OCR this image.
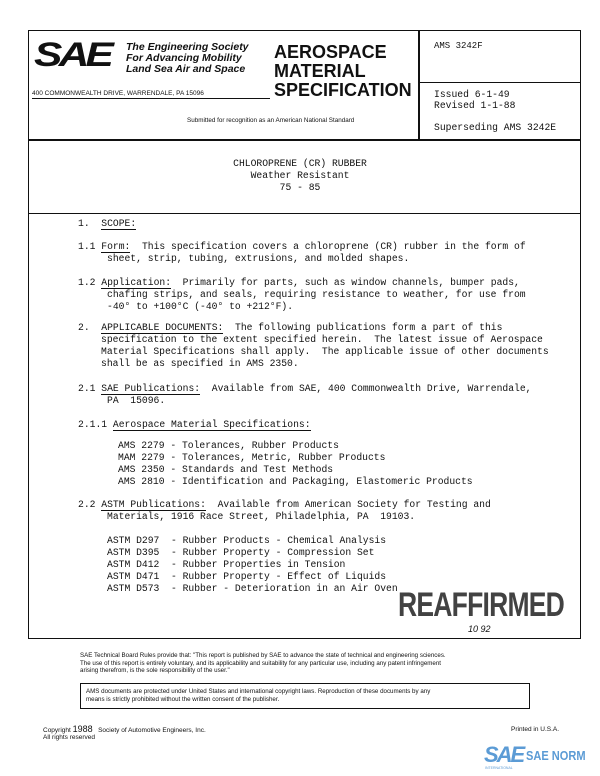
SAE The Engineering Society
For Advancing Mobility
Land Sea Air and Space
400 COMMONWEALTH DRIVE, WARRENDALE, PA 15096
AEROSPACE
MATERIAL
SPECIFICATION
Submitted for recognition as an American National Standard
AMS 3242F
Issued 6-1-49
Revised 1-1-88
Superseding AMS 3242E
CHLOROPRENE (CR) RUBBER
Weather Resistant
75 - 85
1. SCOPE:
1.1 Form:  This specification covers a chloroprene (CR) rubber in the form of
sheet, strip, tubing, extrusions, and molded shapes.
1.2 Application:  Primarily for parts, such as window channels, bumper pads,
chafing strips, and seals, requiring resistance to weather, for use from
-40° to +100°C (-40° to +212°F).
2. APPLICABLE DOCUMENTS:  The following publications form a part of this
specification to the extent specified herein.  The latest issue of Aerospace
Material Specifications shall apply.  The applicable issue of other documents
shall be as specified in AMS 2350.
2.1 SAE Publications:  Available from SAE, 400 Commonwealth Drive, Warrendale,
PA  15096.
2.1.1 Aerospace Material Specifications:
AMS 2279 - Tolerances, Rubber Products
MAM 2279 - Tolerances, Metric, Rubber Products
AMS 2350 - Standards and Test Methods
AMS 2810 - Identification and Packaging, Elastomeric Products
2.2 ASTM Publications:  Available from American Society for Testing and
Materials, 1916 Race Street, Philadelphia, PA  19103.
ASTM D297  - Rubber Products - Chemical Analysis
ASTM D395  - Rubber Property - Compression Set
ASTM D412  - Rubber Properties in Tension
ASTM D471  - Rubber Property - Effect of Liquids
ASTM D573  - Rubber - Deterioration in an Air Oven REAFFIRMED
10 92
SAE Technical Board Rules provide that: "This report is published by SAE to advance the state of technical and engineering sciences.
The use of this report is entirely voluntary, and its applicability and suitability for any particular use, including any patent infringement
arising therefrom, is the sole responsibility of the user."
AMS documents are protected under United States and international copyright laws. Reproduction of these documents by any
means is strictly prohibited without the written consent of the publisher.
Copyright 1988 Society of Automotive Engineers, Inc.
All rights reserved
Printed in U.S.A.
SAE SAE NORM
INTERNATIONAL
